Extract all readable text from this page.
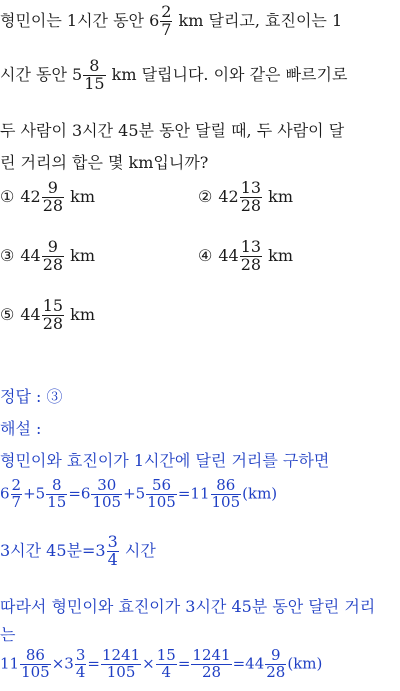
형민이는 1시간 동안 $6 \frac{2}{7}$ km 달리고, 효진이는 1
시간 동안 $5 \frac{8}{15}$ km 달립니다. 이와 같은 빠르기로
두 사람이 3시간 45분 동안 달릴 때, 두 사람이 달
린 거리의 합은 몇 km입니까?
① $42 \frac{9}{28}$ km	② $42 \frac{13}{28}$ km
③ $44 \frac{9}{28}$ km	④ $44 \frac{13}{28}$ km
⑤ $44 \frac{15}{28}$ km
정답 : ③
해설 :
형민이와 효진이가 1시간에 달린 거리를 구하면
$6 \frac{2}{7} +5 \frac{8}{15} =6 \frac{30}{105} +5 \frac{56}{105} =11 \frac{86}{105} (km)$
3시간 45분$=3 \frac{3}{4}$ 시간
따라서 형민이와 효진이가 3시간 45분 동안 달린 거리
는
$11 \frac{86}{105} \times 3 \frac{3}{4} = \frac{1241}{105} \times \frac{15}{4} = \frac{1241}{28} =44 \frac{9}{28} (km)$
